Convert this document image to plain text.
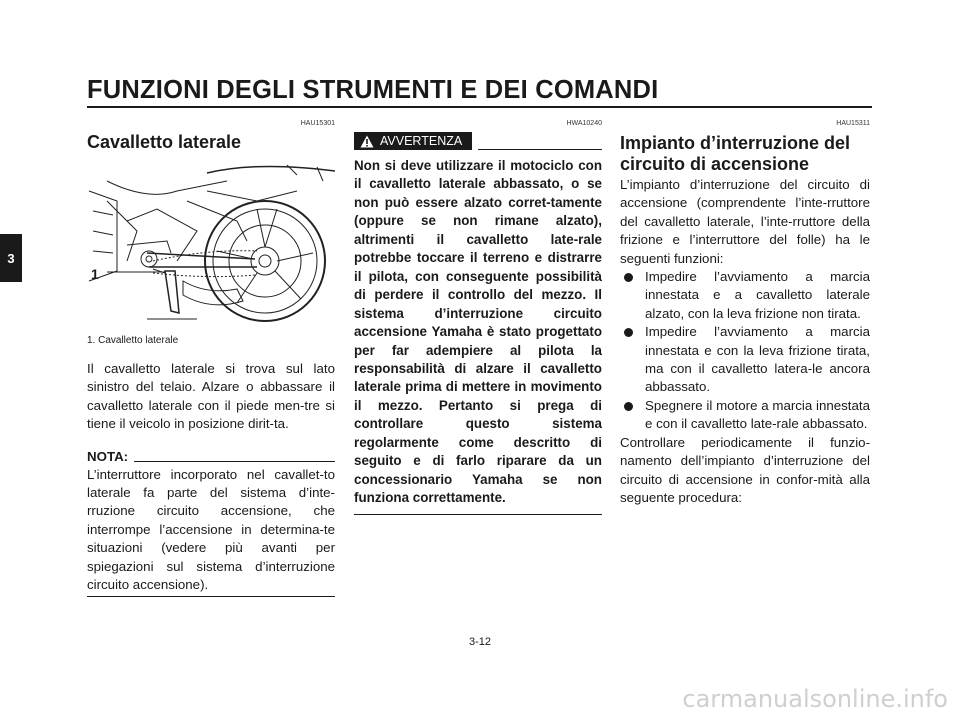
FUNZIONI DEGLI STRUMENTI E DEI COMANDI
3
HAU15301
Cavalletto laterale
1
1. Cavalletto laterale
Il cavalletto laterale si trova sul lato sinistro del telaio. Alzare o abbassare il cavalletto laterale con il piede men-tre si tiene il veicolo in posizione dirit-ta.
NOTA:
L’interruttore incorporato nel cavallet-to laterale fa parte del sistema d’inte-rruzione circuito accensione, che interrompe l’accensione in determina-te situazioni (vedere più avanti per spiegazioni sul sistema d’interruzione circuito accensione).
HWA10240
AVVERTENZA
Non si deve utilizzare il motociclo con il cavalletto laterale abbassato, o se non può essere alzato corret-tamente (oppure se non rimane alzato), altrimenti il cavalletto late-rale potrebbe toccare il terreno e distrarre il pilota, con conseguente possibilità di perdere il controllo del mezzo. Il sistema d’interruzione circuito accensione Yamaha è stato progettato per far adempiere al pilota la responsabilità di alzare il cavalletto laterale prima di mettere in movimento il mezzo. Pertanto si prega di controllare questo sistema regolarmente come descritto di seguito e di farlo riparare da un concessionario Yamaha se non funziona correttamente.
HAU15311
Impianto d’interruzione del circuito di accensione
L’impianto d’interruzione del circuito di accensione (comprendente l’inte-rruttore del cavalletto laterale, l’inte-rruttore della frizione e l’interruttore del folle) ha le seguenti funzioni:
Impedire l’avviamento a marcia innestata e a cavalletto laterale alzato, con la leva frizione non tirata.
Impedire l’avviamento a marcia innestata e con la leva frizione tirata, ma con il cavalletto latera-le ancora abbassato.
Spegnere il motore a marcia innestata e con il cavalletto late-rale abbassato.
Controllare periodicamente il funzio-namento dell’impianto d’interruzione del circuito di accensione in confor-mità alla seguente procedura:
3-12
carmanualsonline.info
